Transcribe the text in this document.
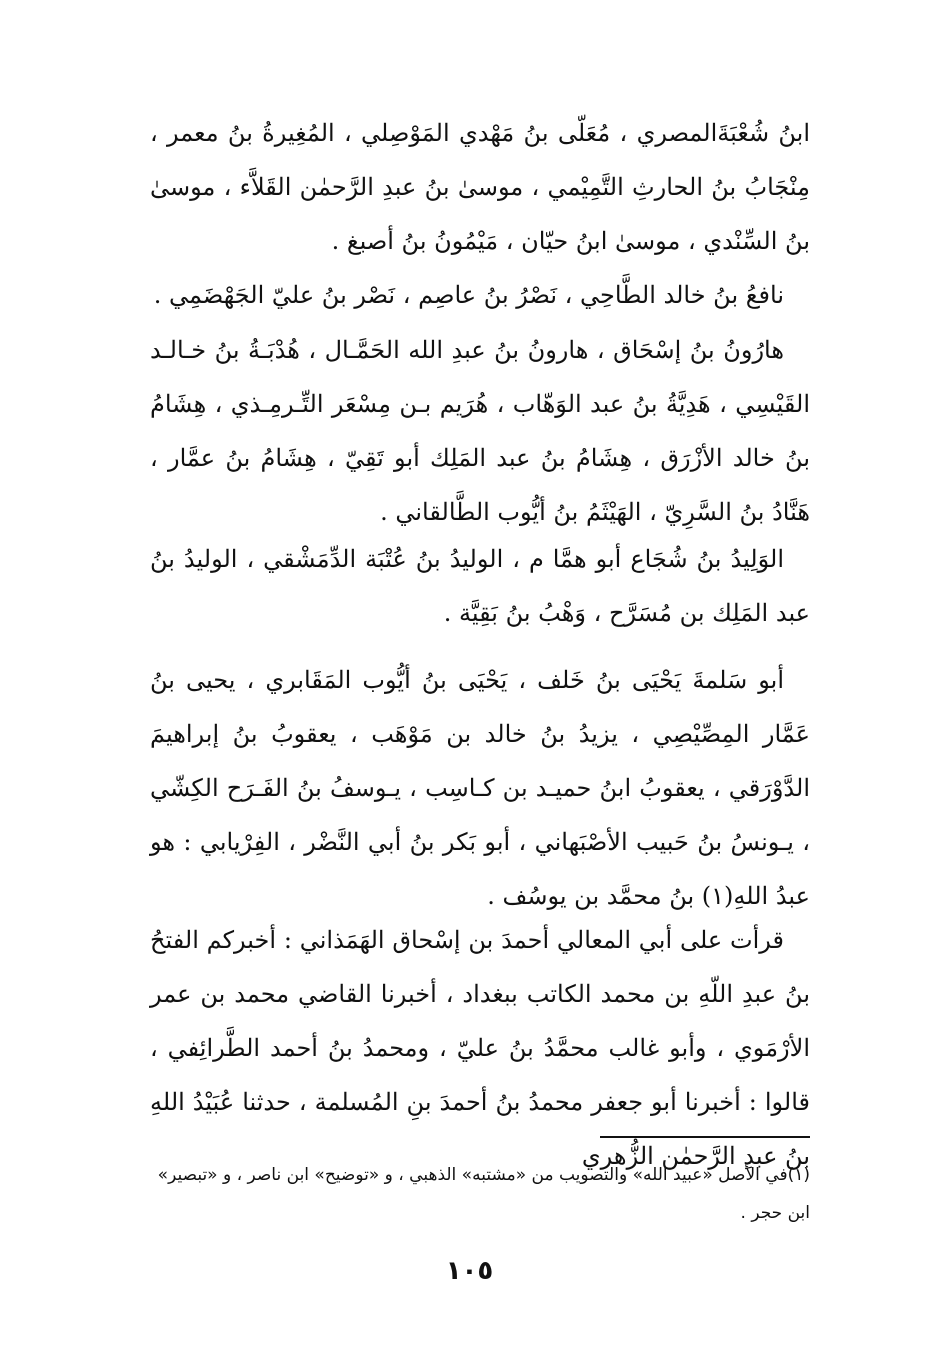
ابنُ شُعْبَةَالمصري ، مُعَلّى بنُ مَهْدي المَوْصِلي ، المُغِيرةُ بنُ معمر ، مِنْجَابُ بنُ الحارثِ التَّمِيْمي ، موسىٰ بنُ عبدِ الرَّحمٰن القَلاَّء ، موسىٰ بنُ السِّنْدي ، موسىٰ ابنُ حيّان ، مَيْمُونُ بنُ أصبغ .

نافعُ بنُ خالد الطَّاحِي ، نَصْرُ بنُ عاصِم ، نَصْر بنُ عليّ الجَهْضَمِي .

هارُونُ بنُ إسْحَاق ، هارونُ بنُ عبدِ الله الحَمَّـال ، هُدْبَـةُ بنُ خـالـد القَيْسِي ، هَدِيَّةُ بنُ عبد الوَهّاب ، هُرَيم بـن مِسْعَر التِّـرمِـذي ، هِشَامُ بنُ خالد الأزْرَق ، هِشَامُ بنُ عبد المَلِك أبو تَقِيّ ، هِشَامُ بنُ عمَّار ، هَنَّادُ بنُ السَّرِيّ ، الهَيْثَمُ بنُ أيُّوب الطَّالقاني .

الوَلِيدُ بنُ شُجَاع أبو همَّا م ، الوليدُ بنُ عُتْبَة الدِّمَشْقي ، الوليدُ بنُ عبد المَلِك بن مُسَرَّح ، وَهْبُ بنُ بَقِيَّة .

أبو سَلمةَ يَحْيَى بنُ خَلف ، يَحْيَى بنُ أيُّوب المَقَابري ، يحيى بنُ عَمَّار المِصِّيْصِي ، يزيدُ بنُ خالد بن مَوْهَب ، يعقوبُ بنُ إبراهيمَ الدَّوْرَقي ، يعقوبُ ابنُ حميـد بن كـاسِب ، يـوسفُ بنُ الفَـرَح الكِشّي ، يـونسُ بنُ حَبيب الأصْبَهاني ، أبو بَكر بنُ أبي النَّضْر ، الفِرْيابي : هو عبدُ اللهِ(١) بنُ محمَّد بن يوسُف .

قرأت على أبي المعالي أحمدَ بن إسْحاق الهَمَذاني : أخبركم الفتحُ بنُ عبدِ اللّهِ بن محمد الكاتب ببغداد ، أخبرنا القاضي محمد بن عمر الأرْمَوي ، وأبو غالب محمَّدُ بنُ عليّ ، ومحمدُ بنُ أحمد الطَّرائِفي ، قالوا : أخبرنا أبو جعفر محمدُ بنُ أحمدَ بنِ المُسلمة ، حدثنا عُبَيْدُ اللهِ بنُ عبدِ الرَّحمٰن الزُّهري

(١)في الأصل «عبيد الله» والتصويب من «مشتبه» الذهبي ، و «توضيح» ابن ناصر ، و «تبصير» ابن حجر .
١٠٥
